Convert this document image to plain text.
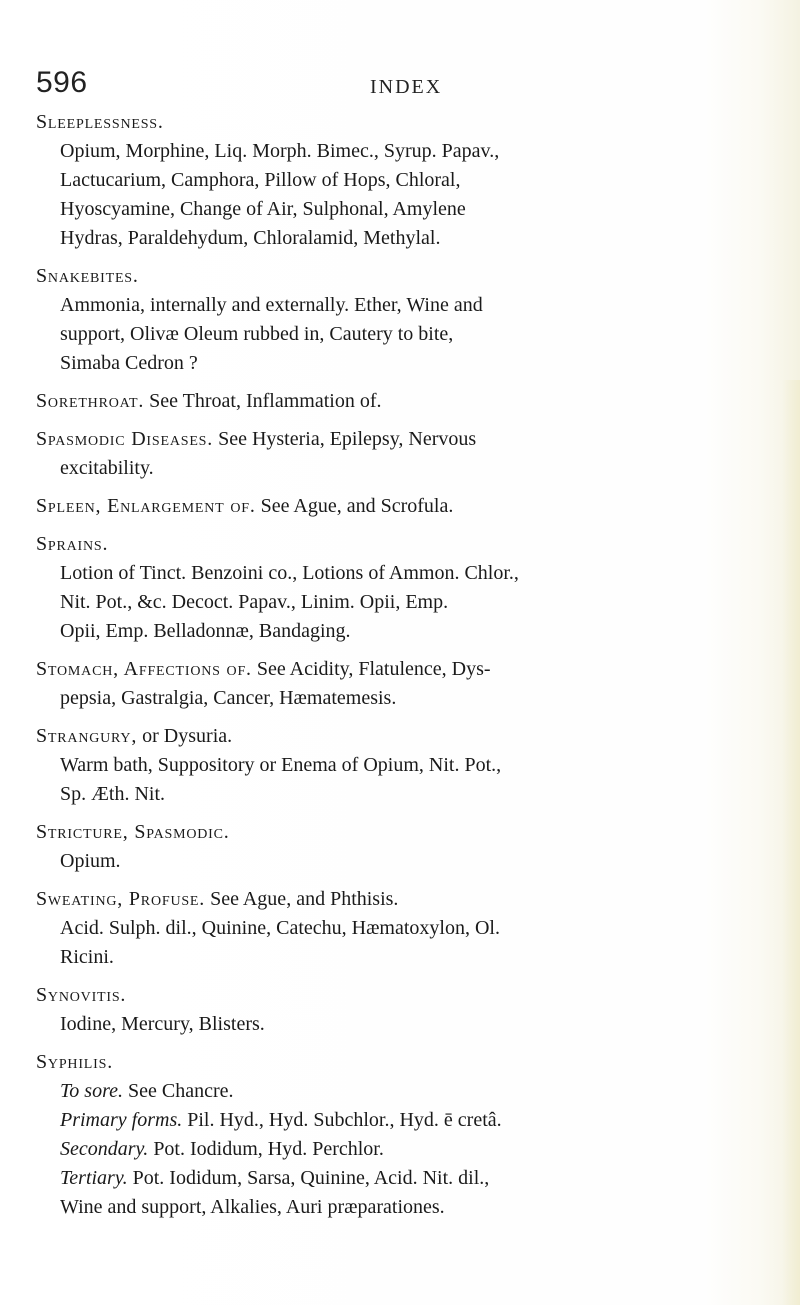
596	INDEX
Sleeplessness.
Opium, Morphine, Liq. Morph. Bimec., Syrup. Papav.,
Lactucarium, Camphora, Pillow of Hops, Chloral,
Hyoscyamine, Change of Air, Sulphonal, Amylene
Hydras, Paraldehydum, Chloralamid, Methylal.
Snakebites.
Ammonia, internally and externally. Ether, Wine and
support, Olivæ Oleum rubbed in, Cautery to bite,
Simaba Cedron ?
Sorethroat. See Throat, Inflammation of.
Spasmodic Diseases. See Hysteria, Epilepsy, Nervous
excitability.
Spleen, Enlargement of. See Ague, and Scrofula.
Sprains.
Lotion of Tinct. Benzoini co., Lotions of Ammon. Chlor.,
Nit. Pot., &c. Decoct. Papav., Linim. Opii, Emp.
Opii, Emp. Belladonnæ, Bandaging.
Stomach, Affections of. See Acidity, Flatulence, Dys-
pepsia, Gastralgia, Cancer, Hæmatemesis.
Strangury, or Dysuria.
Warm bath, Suppository or Enema of Opium, Nit. Pot.,
Sp. Æth. Nit.
Stricture, Spasmodic.
Opium.
Sweating, Profuse. See Ague, and Phthisis.
Acid. Sulph. dil., Quinine, Catechu, Hæmatoxylon, Ol.
Ricini.
Synovitis.
Iodine, Mercury, Blisters.
Syphilis.
To sore. See Chancre.
Primary forms. Pil. Hyd., Hyd. Subchlor., Hyd. ē cretâ.
Secondary. Pot. Iodidum, Hyd. Perchlor.
Tertiary. Pot. Iodidum, Sarsa, Quinine, Acid. Nit. dil.,
Wine and support, Alkalies, Auri præparationes.
